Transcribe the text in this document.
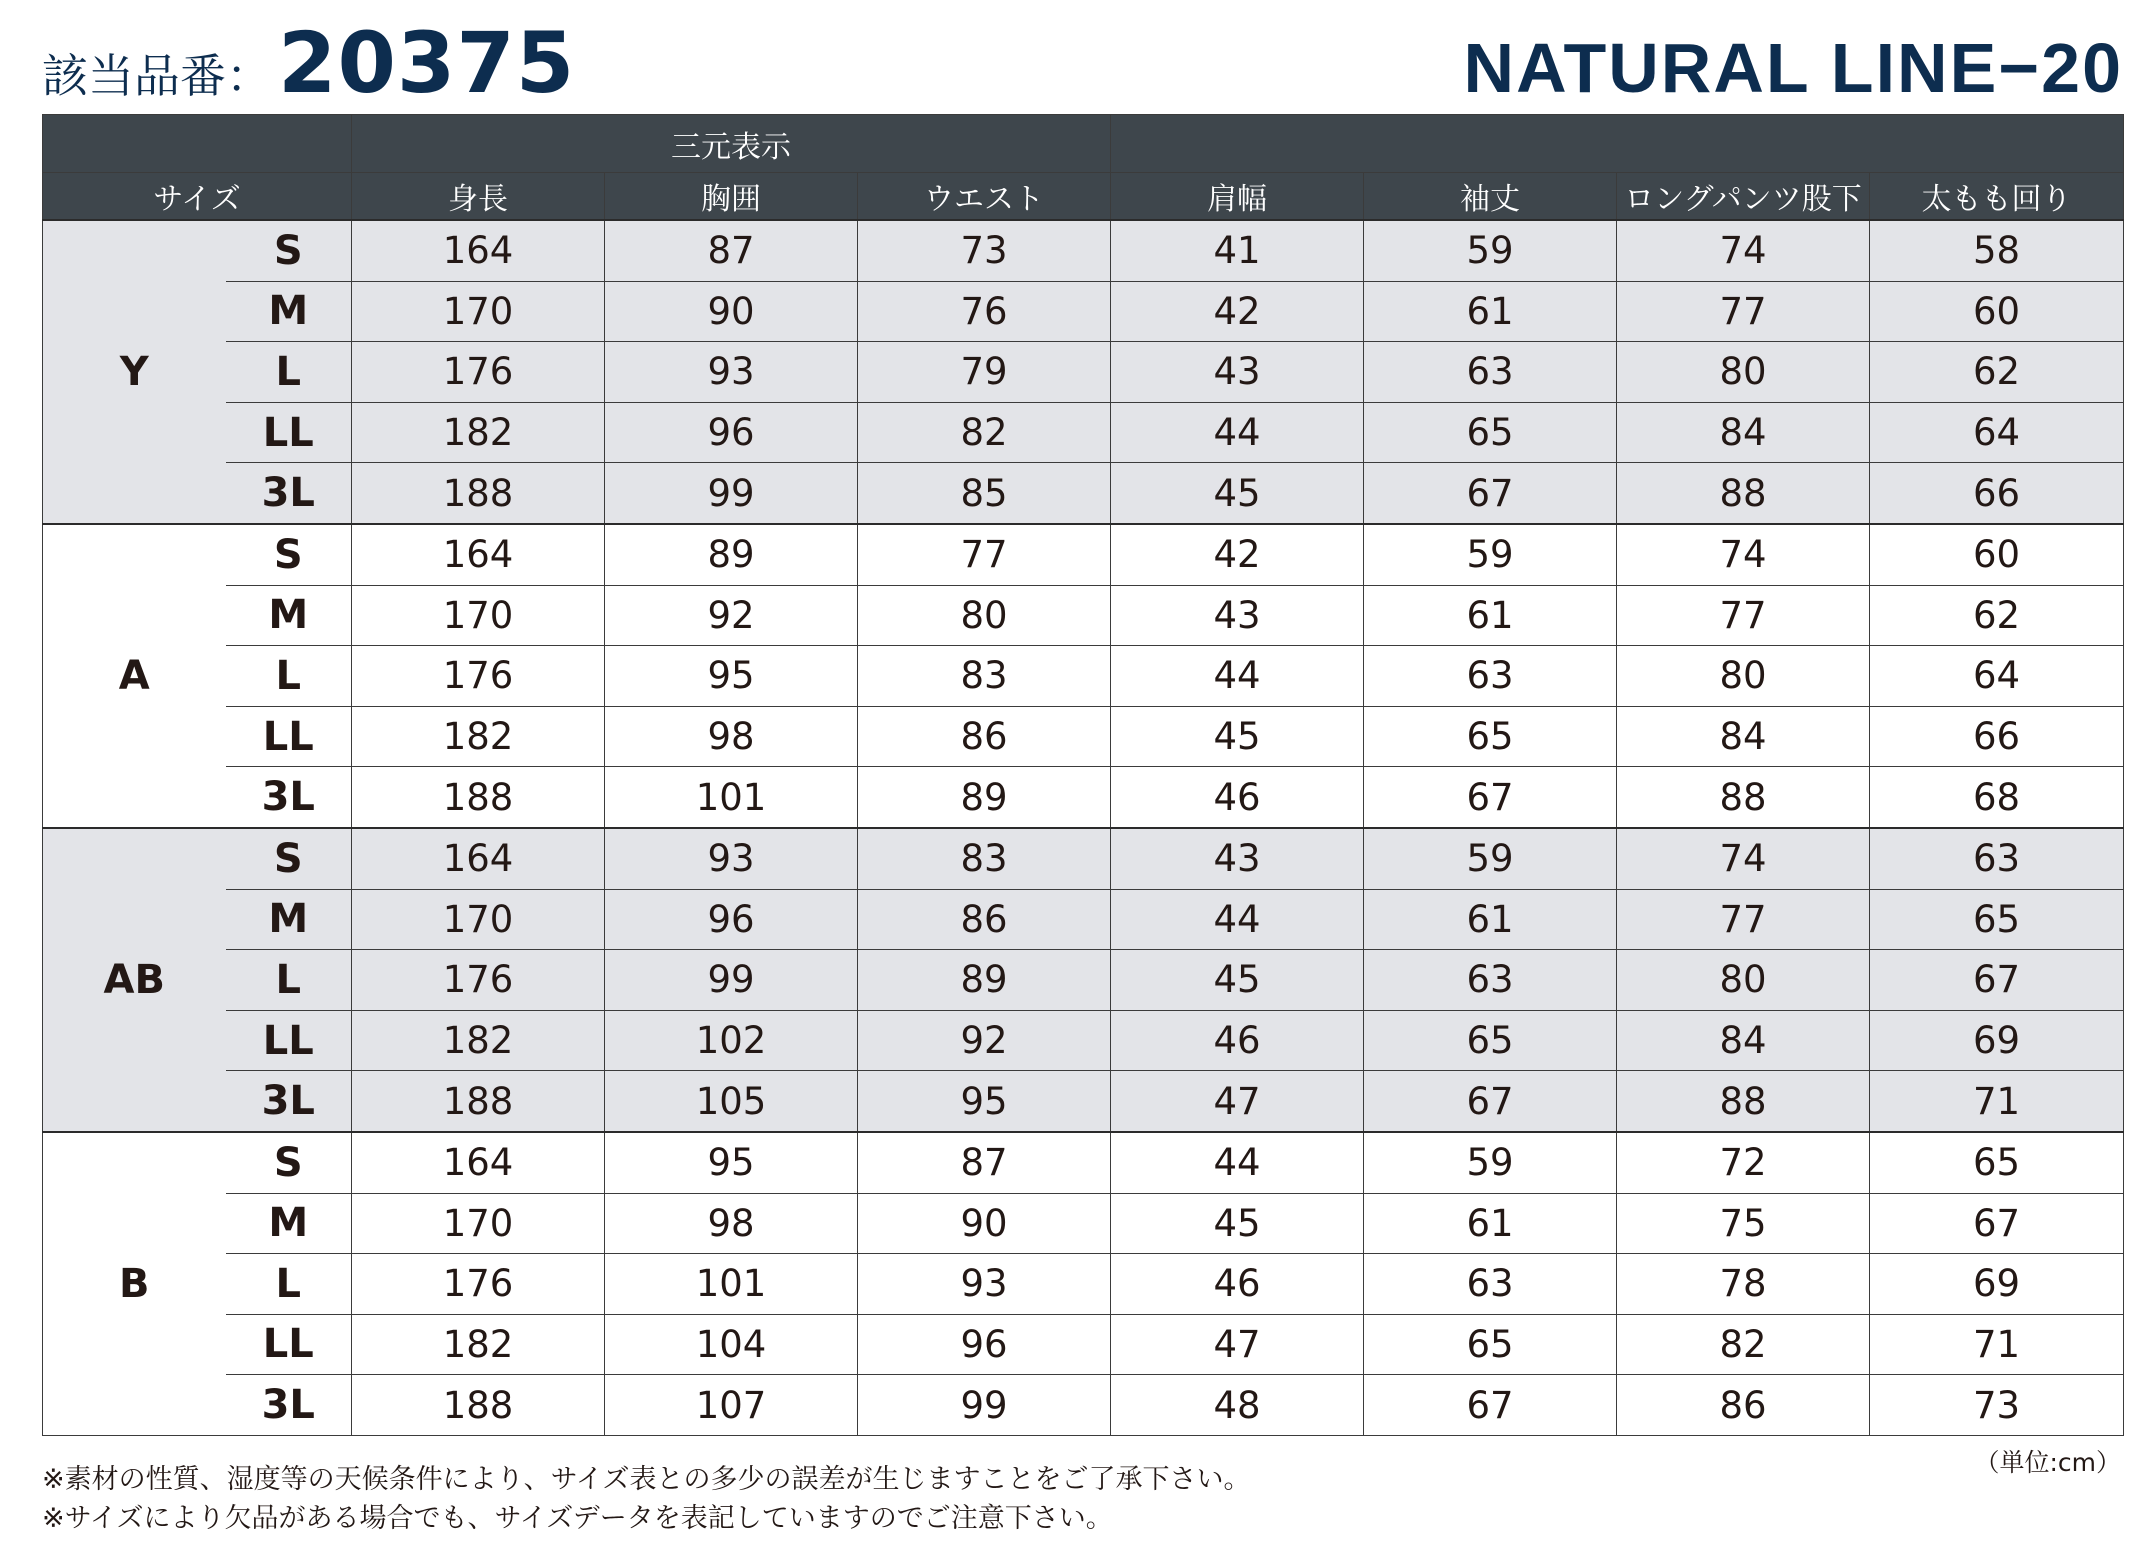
該当品番： 20375	NATURAL LINE−20
		三元表示						
サイズ		身長	胸囲	ウエスト	肩幅	袖丈	ロングパンツ股下	太もも回り
Y	S	164	87	73	41	59	74	58
	M	170	90	76	42	61	77	60
	L	176	93	79	43	63	80	62
	LL	182	96	82	44	65	84	64
	3L	188	99	85	45	67	88	66
A	S	164	89	77	42	59	74	60
	M	170	92	80	43	61	77	62
	L	176	95	83	44	63	80	64
	LL	182	98	86	45	65	84	66
	3L	188	101	89	46	67	88	68
AB	S	164	93	83	43	59	74	63
	M	170	96	86	44	61	77	65
	L	176	99	89	45	63	80	67
	LL	182	102	92	46	65	84	69
	3L	188	105	95	47	67	88	71
B	S	164	95	87	44	59	72	65
	M	170	98	90	45	61	75	67
	L	176	101	93	46	63	78	69
	LL	182	104	96	47	65	82	71
	3L	188	107	99	48	67	86	73
（単位:cm）
※素材の性質、湿度等の天候条件により、サイズ表との多少の誤差が生じますことをご了承下さい。
※サイズにより欠品がある場合でも、サイズデータを表記していますのでご注意下さい。
